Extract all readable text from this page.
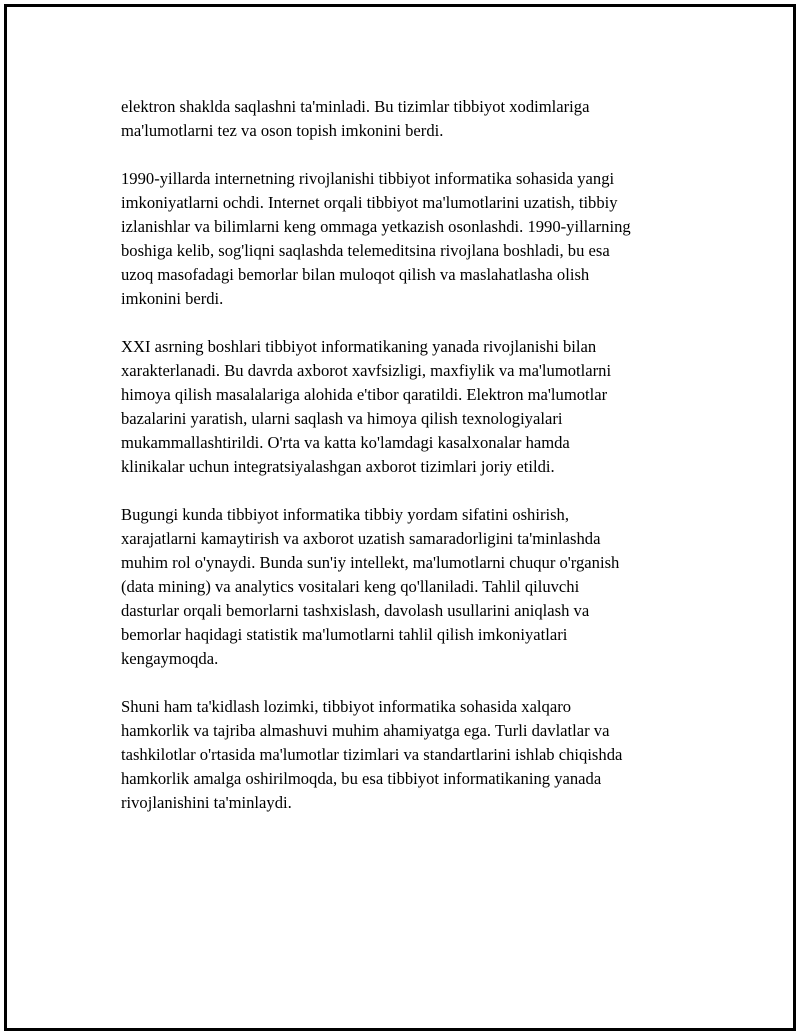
elektron shaklda saqlashni ta'minladi. Bu tizimlar tibbiyot xodimlariga
ma'lumotlarni tez va oson topish imkonini berdi.

1990-yillarda internetning rivojlanishi tibbiyot informatika sohasida yangi
imkoniyatlarni ochdi. Internet orqali tibbiyot ma'lumotlarini uzatish, tibbiy
izlanishlar va bilimlarni keng ommaga yetkazish osonlashdi. 1990-yillarning
boshiga kelib, sog'liqni saqlashda telemeditsina rivojlana boshladi, bu esa
uzoq masofadagi bemorlar bilan muloqot qilish va maslahatlasha olish
imkonini berdi.

XXI asrning boshlari tibbiyot informatikaning yanada rivojlanishi bilan
xarakterlanadi. Bu davrda axborot xavfsizligi, maxfiylik va ma'lumotlarni
himoya qilish masalalariga alohida e'tibor qaratildi. Elektron ma'lumotlar
bazalarini yaratish, ularni saqlash va himoya qilish texnologiyalari
mukammallashtirildi. O'rta va katta ko'lamdagi kasalxonalar hamda
klinikalar uchun integratsiyalashgan axborot tizimlari joriy etildi.

Bugungi kunda tibbiyot informatika tibbiy yordam sifatini oshirish,
xarajatlarni kamaytirish va axborot uzatish samaradorligini ta'minlashda
muhim rol o'ynaydi. Bunda sun'iy intellekt, ma'lumotlarni chuqur o'rganish
(data mining) va analytics vositalari keng qo'llaniladi. Tahlil qiluvchi
dasturlar orqali bemorlarni tashxislash, davolash usullarini aniqlash va
bemorlar haqidagi statistik ma'lumotlarni tahlil qilish imkoniyatlari
kengaymoqda.

Shuni ham ta'kidlash lozimki, tibbiyot informatika sohasida xalqaro
hamkorlik va tajriba almashuvi muhim ahamiyatga ega. Turli davlatlar va
tashkilotlar o'rtasida ma'lumotlar tizimlari va standartlarini ishlab chiqishda
hamkorlik amalga oshirilmoqda, bu esa tibbiyot informatikaning yanada
rivojlanishini ta'minlaydi.
